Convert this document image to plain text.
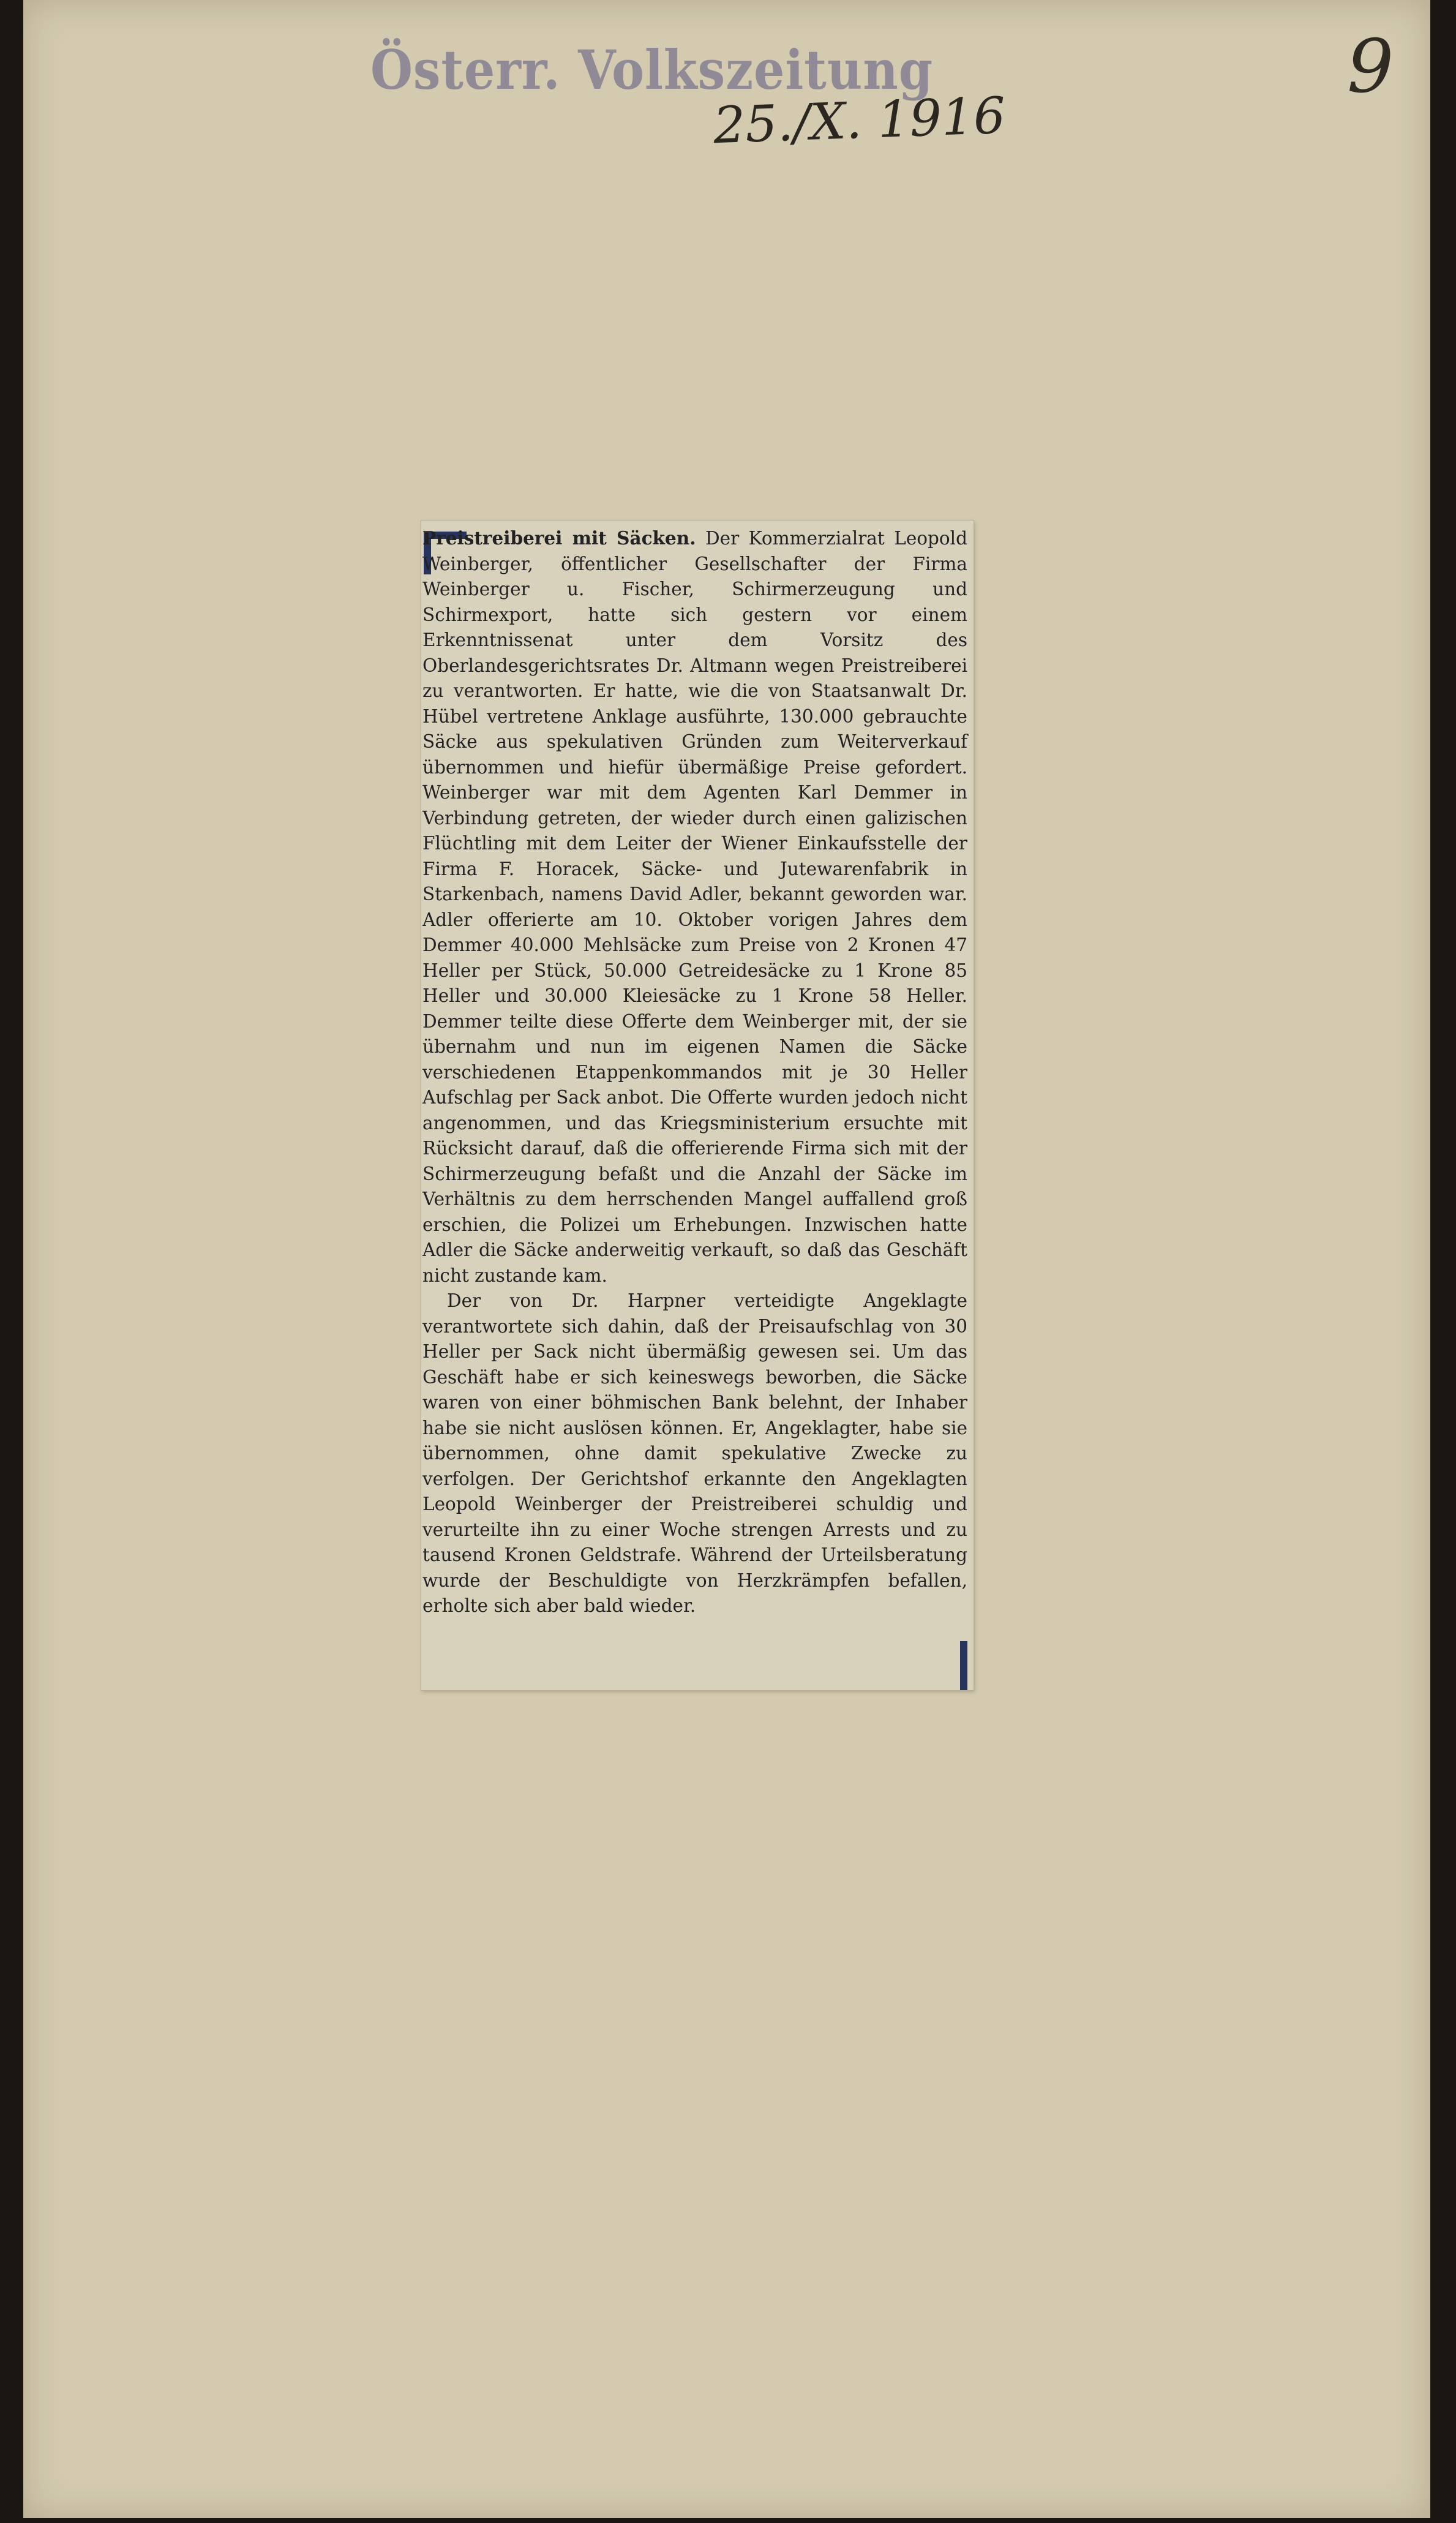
Österr. Volkszeitung
25./X. 1916
9

Preistreiberei mit Säcken. Der Kommerzialrat Leopold Weinberger, öffentlicher Gesellschafter der Firma Weinberger u. Fischer, Schirmerzeugung und Schirmexport, hatte sich gestern vor einem Erkenntnissenat unter dem Vorsitz des Oberlandesgerichtsrates Dr. Altmann wegen Preistreiberei zu verantworten. Er hatte, wie die von Staatsanwalt Dr. Hübel vertretene Anklage ausführte, 130.000 gebrauchte Säcke aus spekulativen Gründen zum Weiterverkauf übernommen und hiefür übermäßige Preise gefordert. Weinberger war mit dem Agenten Karl Demmer in Verbindung getreten, der wieder durch einen galizischen Flüchtling mit dem Leiter der Wiener Einkaufsstelle der Firma F. Horacek, Säcke- und Jutewarenfabrik in Starkenbach, namens David Adler, bekannt geworden war. Adler offerierte am 10. Oktober vorigen Jahres dem Demmer 40.000 Mehlsäcke zum Preise von 2 Kronen 47 Heller per Stück, 50.000 Getreidesäcke zu 1 Krone 85 Heller und 30.000 Kleiesäcke zu 1 Krone 58 Heller. Demmer teilte diese Offerte dem Weinberger mit, der sie übernahm und nun im eigenen Namen die Säcke verschiedenen Etappenkommandos mit je 30 Heller Aufschlag per Sack anbot. Die Offerte wurden jedoch nicht angenommen, und das Kriegsministerium ersuchte mit Rücksicht darauf, daß die offerierende Firma sich mit der Schirmerzeugung befaßt und die Anzahl der Säcke im Verhältnis zu dem herrschenden Mangel auffallend groß erschien, die Polizei um Erhebungen. Inzwischen hatte Adler die Säcke anderweitig verkauft, so daß das Geschäft nicht zustande kam.

Der von Dr. Harpner verteidigte Angeklagte verantwortete sich dahin, daß der Preisaufschlag von 30 Heller per Sack nicht übermäßig gewesen sei. Um das Geschäft habe er sich keineswegs beworben, die Säcke waren von einer böhmischen Bank belehnt, der Inhaber habe sie nicht auslösen können. Er, Angeklagter, habe sie übernommen, ohne damit spekulative Zwecke zu verfolgen. Der Gerichtshof erkannte den Angeklagten Leopold Weinberger der Preistreiberei schuldig und verurteilte ihn zu einer Woche strengen Arrests und zu tausend Kronen Geldstrafe. Während der Urteilsberatung wurde der Beschuldigte von Herzkrämpfen befallen, erholte sich aber bald wieder.
